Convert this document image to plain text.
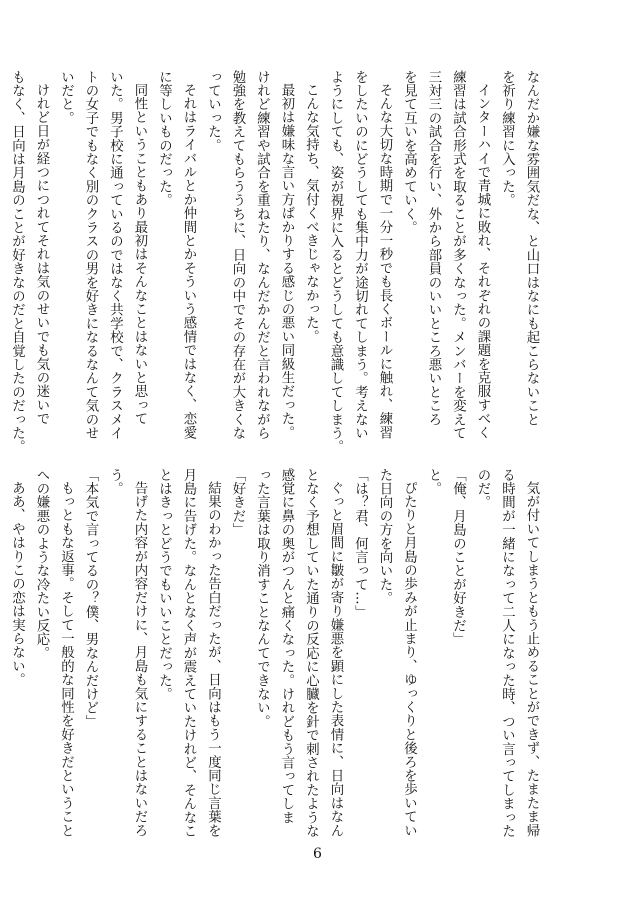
なんだか嫌な雰囲気だな、と山口はなにも起こらないこと
を祈り練習に入った。
インターハイで青城に敗れ、それぞれの課題を克服すべく
練習は試合形式を取ることが多くなった。メンバーを変えて
三対三の試合を行い、外から部員のいいところ悪いところ
を見て互いを高めていく。
そんな大切な時期で一分一秒でも長くボールに触れ、練習
をしたいのにどうしても集中力が途切れてしまう。考えない
ようにしても、姿が視界に入るとどうしても意識してしまう。
こんな気持ち、気付くべきじゃなかった。
最初は嫌味な言い方ばかりする感じの悪い同級生だった。
けれど練習や試合を重ねたり、なんだかんだと言われながら
勉強を教えてもらううちに、日向の中でその存在が大きくな
っていった。
それはライバルとか仲間とかそういう感情ではなく、恋愛
に等しいものだった。
同性ということもあり最初はそんなことはないと思って
いた。男子校に通っているのではなく共学校で、クラスメイ
トの女子でもなく別のクラスの男を好きになるなんて気のせ
いだと。
けれど日が経つにつれてそれは気のせいでも気の迷いで
もなく、日向は月島のことが好きなのだと自覚したのだった。
気が付いてしまうともう止めることができず、たまたま帰
る時間が一緒になって二人になった時、つい言ってしまった
のだ。
「俺、月島のことが好きだ」
と。
ぴたりと月島の歩みが止まり、ゆっくりと後ろを歩いてい
た日向の方を向いた。
「は？君、何言って…」
ぐっと眉間に皺が寄り嫌悪を顕にした表情に、日向はなん
となく予想していた通りの反応に心臓を針で刺されたような
感覚に鼻の奥がつんと痛くなった。けれどもう言ってしま
った言葉は取り消すことなんてできない。
「好きだ」
結果のわかった告白だったが、日向はもう一度同じ言葉を
月島に告げた。なんとなく声が震えていたけれど、そんなこ
とはきっとどうでもいいことだった。
告げた内容が内容だけに、月島も気にすることはないだろ
う。
「本気で言ってるの？僕、男なんだけど」
もっともな返事。そして一般的な同性を好きだということ
への嫌悪のような冷たい反応。
ああ、やはりこの恋は実らない。
6
